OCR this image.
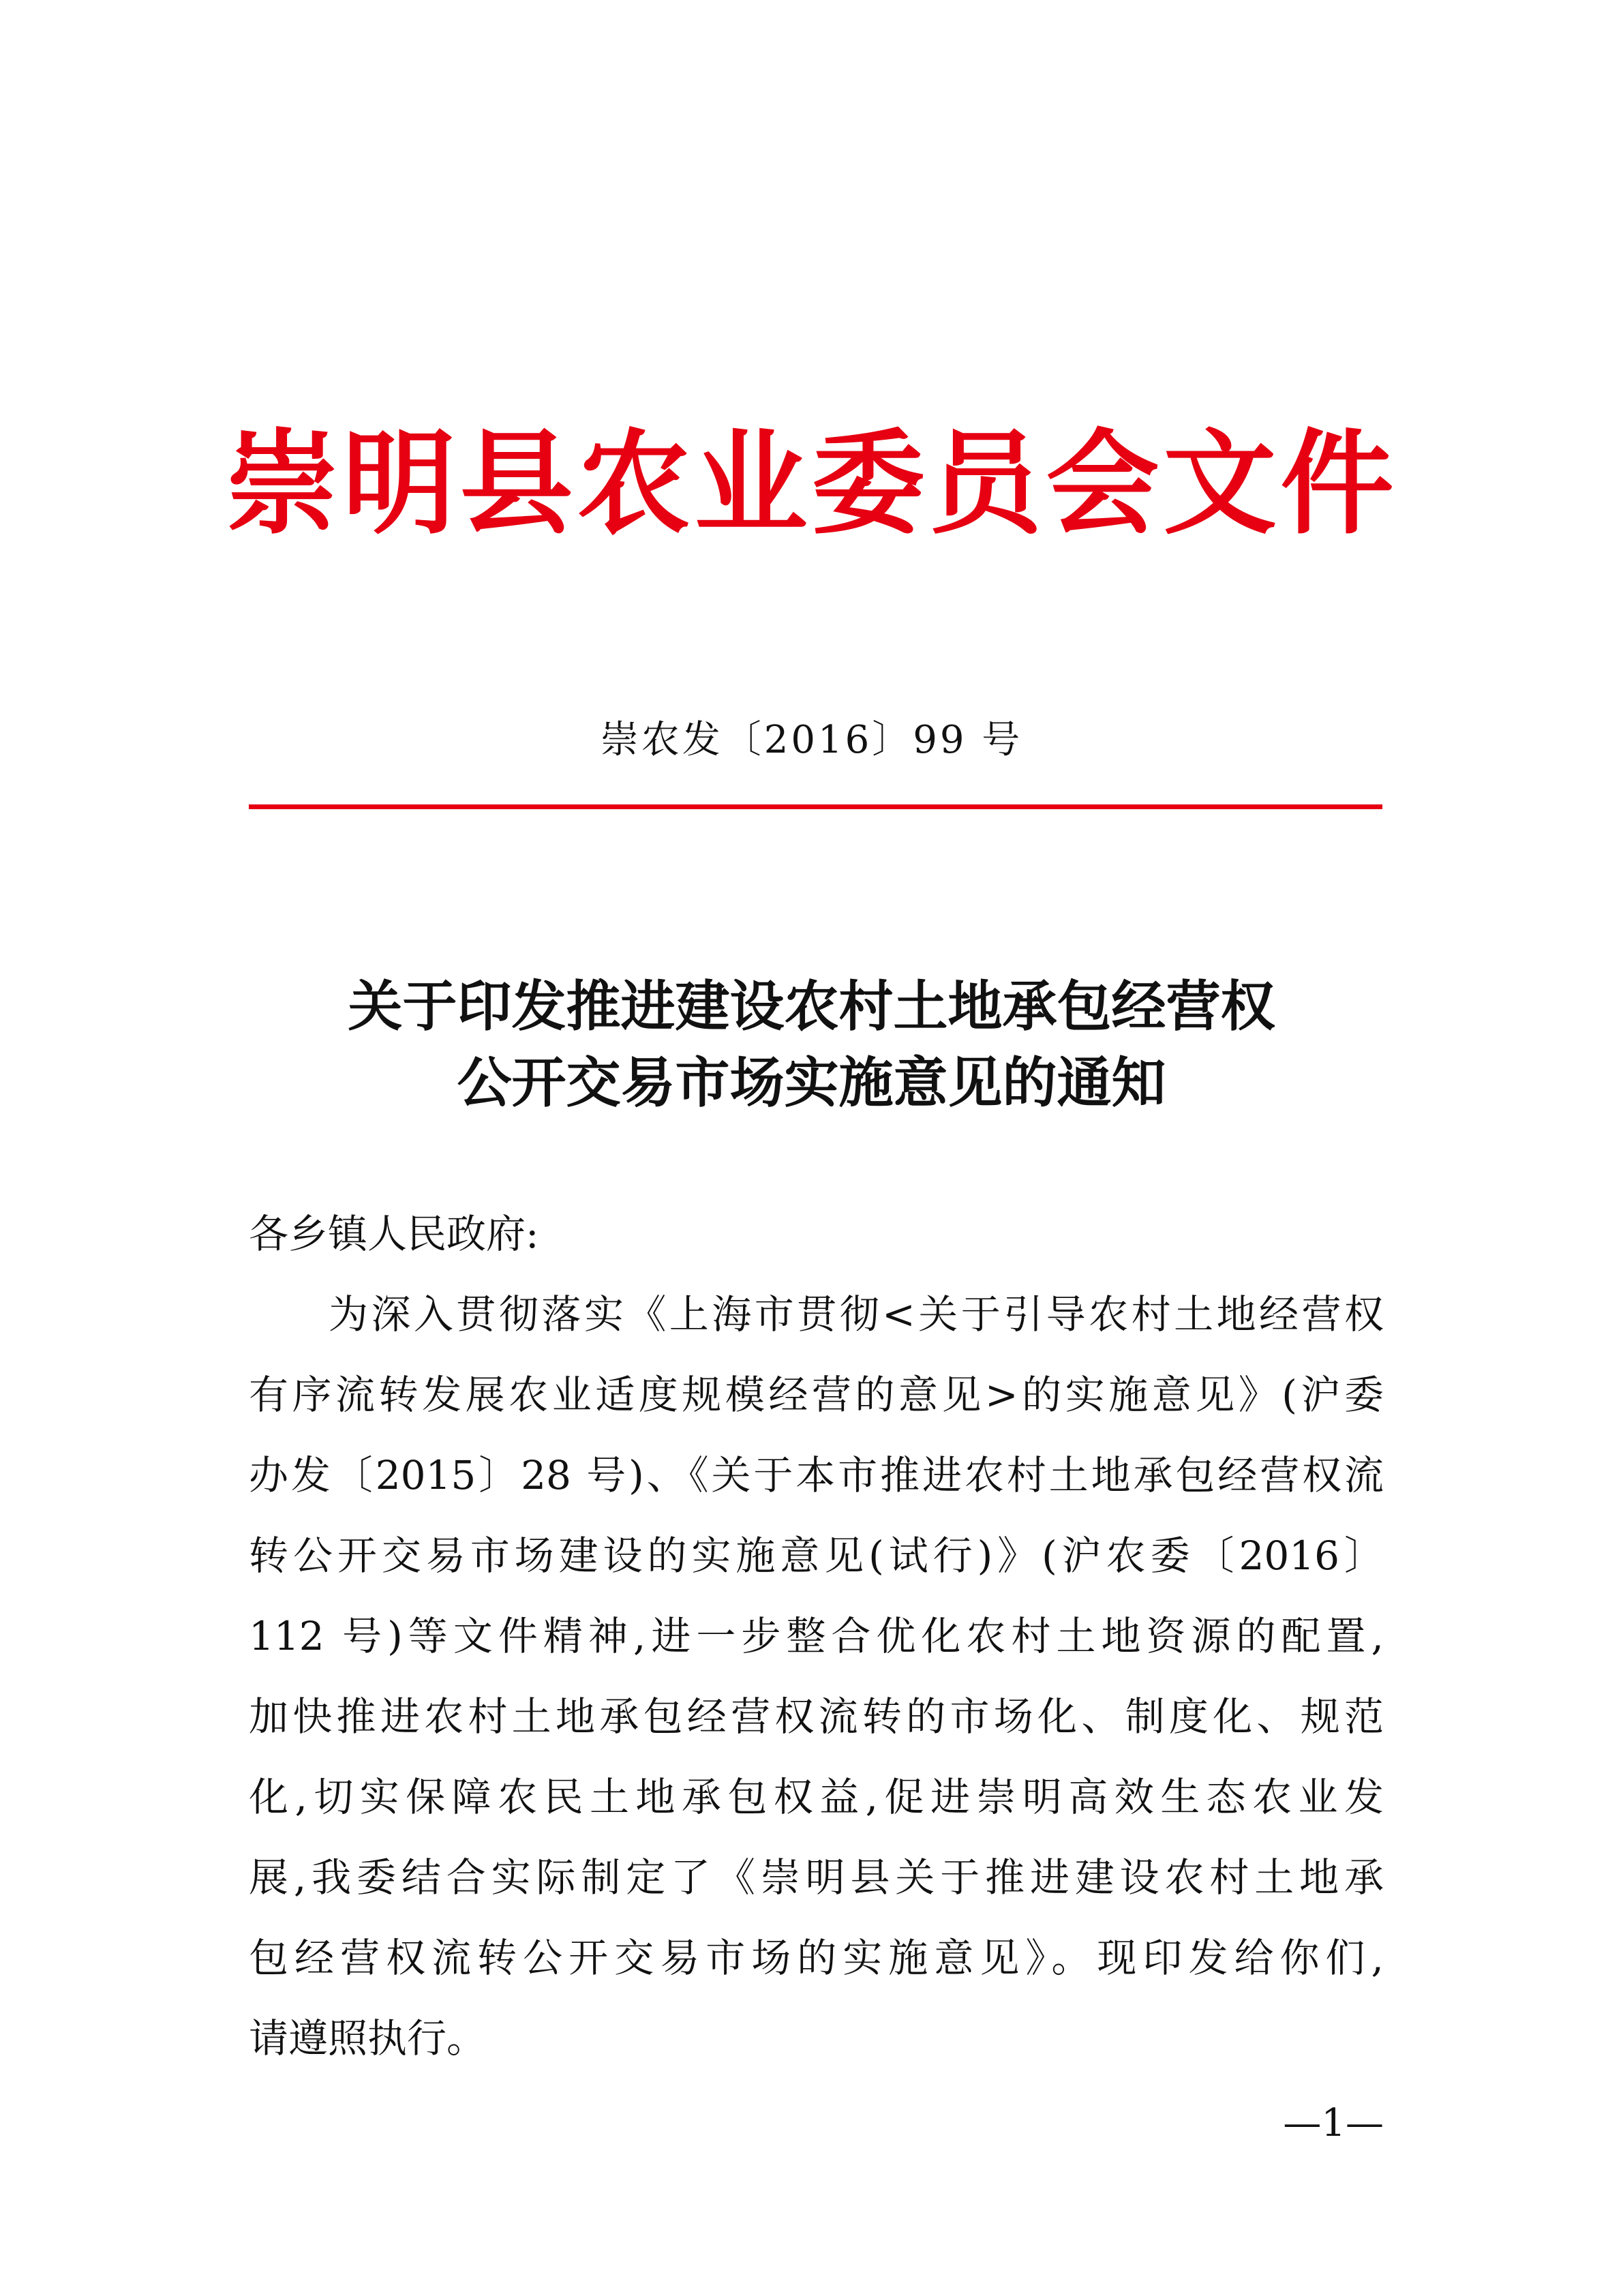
崇明县农业委员会文件
崇农发〔2016〕99 号
关于印发推进建设农村土地承包经营权
公开交易市场实施意见的通知
各乡镇人民政府:
为深入贯彻落实《上海市贯彻<关于引导农村土地经营权
有序流转发展农业适度规模经营的意见>的实施意见》(沪委
办发〔2015〕28 号)、《关于本市推进农村土地承包经营权流
转公开交易市场建设的实施意见(试行)》(沪农委〔2016〕
112 号)等文件精神,进一步整合优化农村土地资源的配置,
加快推进农村土地承包经营权流转的市场化、制度化、规范
化,切实保障农民土地承包权益,促进崇明高效生态农业发
展,我委结合实际制定了《崇明县关于推进建设农村土地承
包经营权流转公开交易市场的实施意见》。现印发给你们,
请遵照执行。
—1—
